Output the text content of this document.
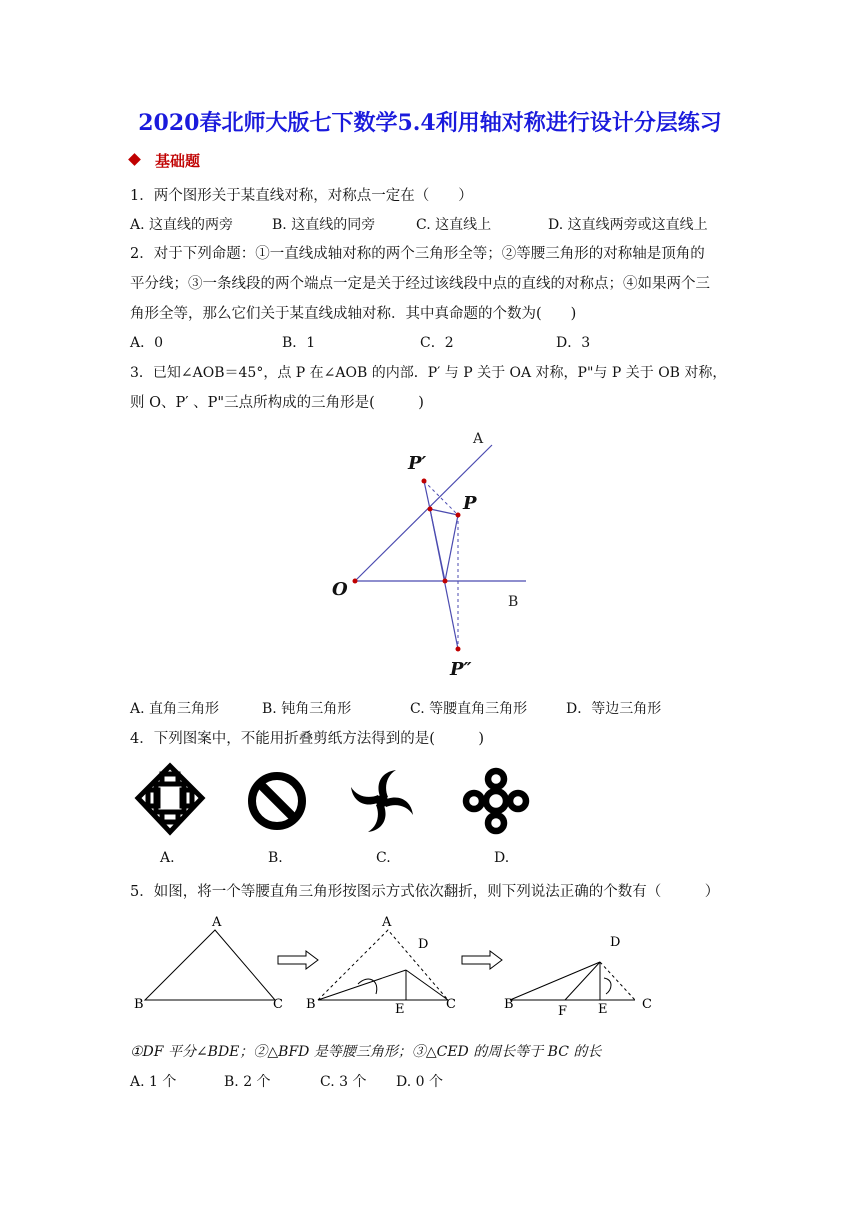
2020春北师大版七下数学5.4利用轴对称进行设计分层练习
基础题
1．两个图形关于某直线对称，对称点一定在（　　）
A. 这直线的两旁	B. 这直线的同旁	C. 这直线上	D. 这直线两旁或这直线上
2．对于下列命题：①一直线成轴对称的两个三角形全等；②等腰三角形的对称轴是顶角的
平分线；③一条线段的两个端点一定是关于经过该线段中点的直线的对称点；④如果两个三
角形全等，那么它们关于某直线成轴对称．其中真命题的个数为(　　)
A．0	B．1	C．2	D．3
3．已知∠AOB＝45°，点 P 在∠AOB 的内部．P′ 与 P 关于 OA 对称，P"与 P 关于 OB 对称，
则 O、P′ 、P"三点所构成的三角形是(　　　)
A
B
O
P
P′
P″
A. 直角三角形	B. 钝角三角形	C. 等腰直角三角形	D．等边三角形
4．下列图案中，不能用折叠剪纸方法得到的是(　　　)
A.	B.	C.	D.
5．如图，将一个等腰直角三角形按图示方式依次翻折，则下列说法正确的个数有（　　　）
A
B	C
A
D
B	E	C
D
B	F E	C
①DF 平分∠BDE；②△BFD 是等腰三角形；③△CED 的周长等于 BC 的长
A. 1 个	B. 2 个	C. 3 个 D. 0 个
